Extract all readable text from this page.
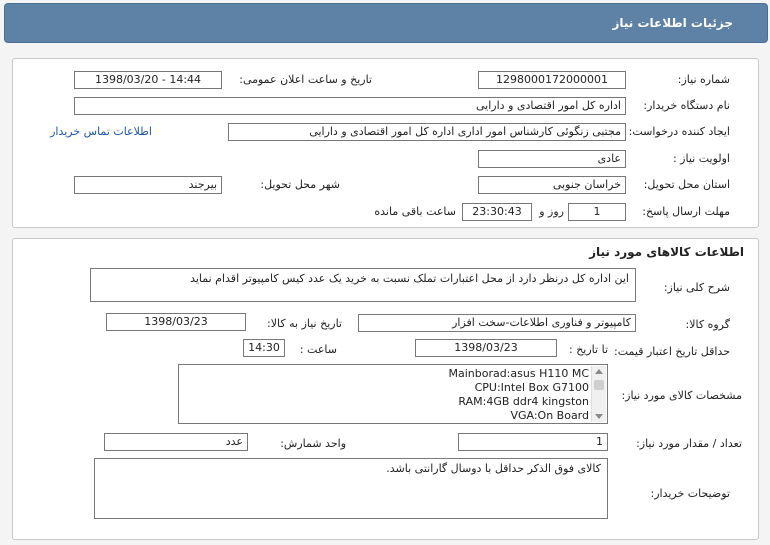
جزئیات اطلاعات نیاز
شماره نیاز:
1298000172000001
تاریخ و ساعت اعلان عمومی:
1398/03/20 - 14:44
نام دستگاه خریدار:
اداره کل امور اقتصادی و دارایی
ایجاد کننده درخواست:
مجتبی زنگوئی کارشناس امور اداری اداره کل امور اقتصادی و دارایی
اطلاعات تماس خریدار
اولویت نیاز :
عادی
استان محل تحویل:
خراسان جنوبی
شهر محل تحویل:
بیرجند
مهلت ارسال پاسخ:
1
روز و
23:30:43
ساعت باقی مانده
اطلاعات کالاهای مورد نیاز
شرح کلی نیاز:
این اداره کل درنظر دارد از محل اعتبارات تملک نسبت به خرید یک عدد کیس کامپیوتر اقدام نماید
گروه کالا:
کامپیوتر و فناوری اطلاعات-سخت افزار
تاریخ نیاز به کالا:
1398/03/23
حداقل تاریخ اعتبار قیمت:
تا تاریخ :
1398/03/23
ساعت :
14:30
مشخصات کالای مورد نیاز:
Mainborad:asus H110 MC
CPU:Intel Box G7100
RAM:4GB ddr4 kingston
VGA:On Board
تعداد / مقدار مورد نیاز:
1
واحد شمارش:
عدد
توضیحات خریدار:
کالای فوق الذکر حداقل با دوسال گارانتی باشد.
